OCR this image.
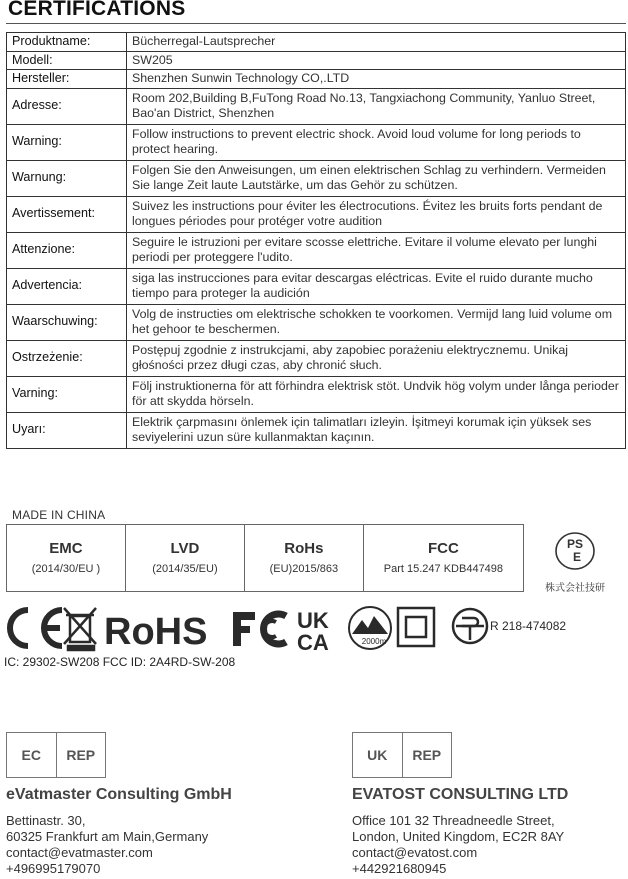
CERTIFICATIONS
Produktname:	Bücherregal-Lautsprecher
Modell:	SW205
Hersteller:	Shenzhen Sunwin Technology CO,.LTD
Adresse:	Room 202,Building B,FuTong Road No.13, Tangxiachong Community, Yanluo Street, Bao'an District, Shenzhen
Warning:	Follow instructions to prevent electric shock. Avoid loud volume for long periods to protect hearing.
Warnung:	Folgen Sie den Anweisungen, um einen elektrischen Schlag zu verhindern. Vermeiden Sie lange Zeit laute Lautstärke, um das Gehör zu schützen.
Avertissement:	Suivez les instructions pour éviter les électrocutions. Évitez les bruits forts pendant de longues périodes pour protéger votre audition
Attenzione:	Seguire le istruzioni per evitare scosse elettriche. Evitare il volume elevato per lunghi periodi per proteggere l'udito.
Advertencia:	siga las instrucciones para evitar descargas eléctricas. Evite el ruido durante mucho tiempo para proteger la audición
Waarschuwing:	Volg de instructies om elektrische schokken te voorkomen. Vermijd lang luid volume om het gehoor te beschermen.
Ostrzeżenie:	Postępuj zgodnie z instrukcjami, aby zapobiec porażeniu elektrycznemu. Unikaj głośności przez długi czas, aby chronić słuch.
Varning:	Följ instruktionerna för att förhindra elektrisk stöt. Undvik hög volym under långa perioder för att skydda hörseln.
Uyarı:	Elektrik çarpmasını önlemek için talimatları izleyin. İşitmeyi korumak için yüksek ses seviyelerini uzun süre kullanmaktan kaçının.
MADE IN CHINA
EMC
(2014/30/EU )
LVD
(2014/35/EU)
RoHs
(EU)2015/863
FCC
Part 15.247 KDB447498
PS
E
株式会社技研
RoHS	UK
CA	2000m
R 218-474082
IC: 29302-SW208 FCC ID: 2A4RD-SW-208
EC	REP
eVatmaster Consulting GmbH
Bettinastr. 30,
60325 Frankfurt am Main,Germany
contact@evatmaster.com
+496995179070
UK	REP
EVATOST CONSULTING LTD
Office 101 32 Threadneedle Street,
London, United Kingdom, EC2R 8AY
contact@evatost.com
+442921680945
